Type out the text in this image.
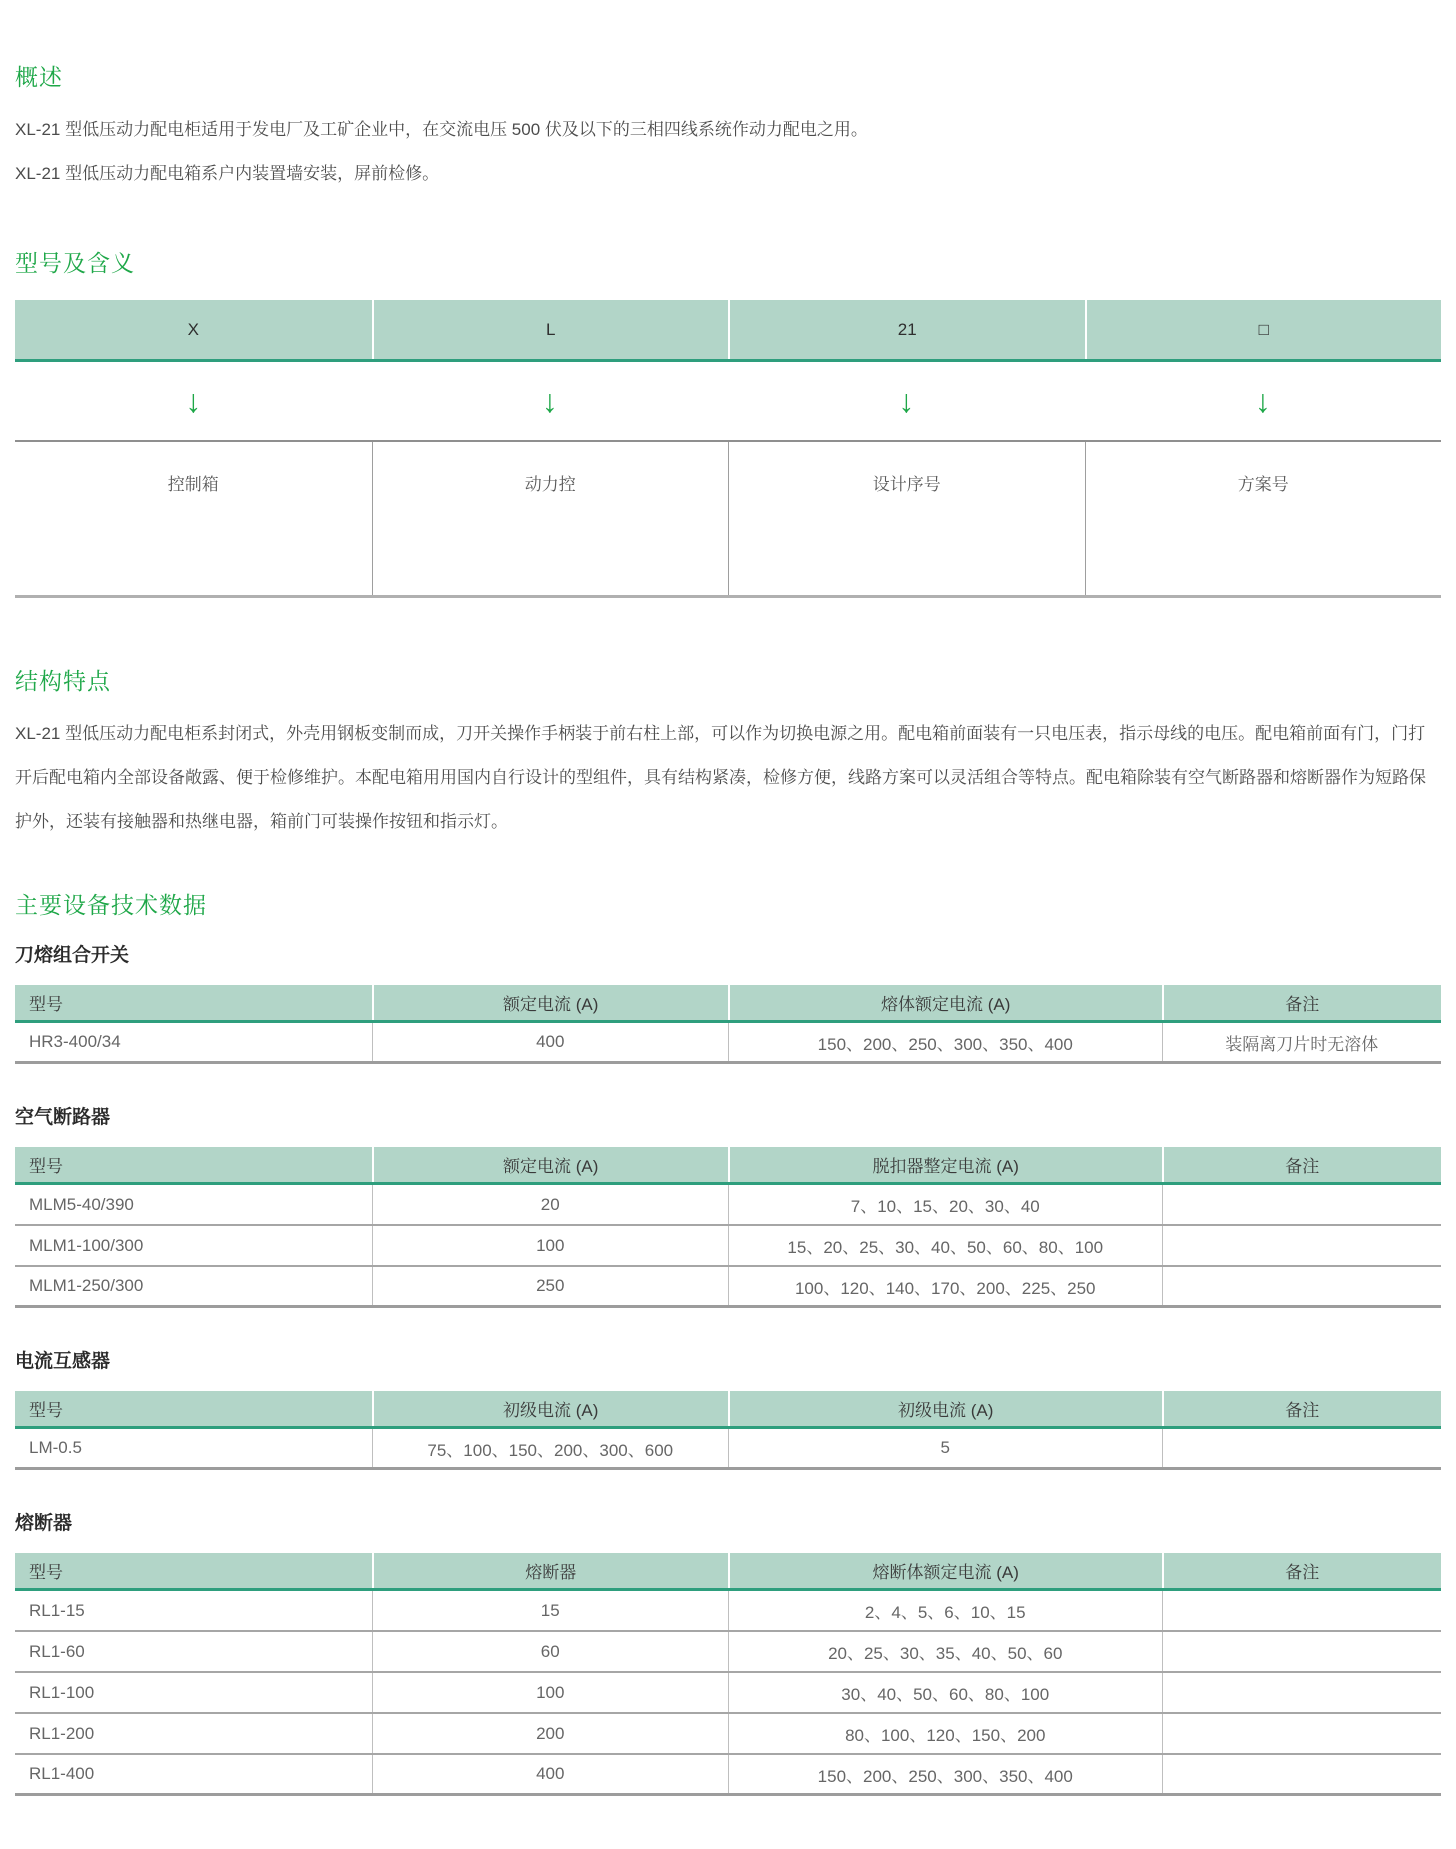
概述

XL-21 型低压动力配电柜适用于发电厂及工矿企业中，在交流电压 500 伏及以下的三相四线系统作动力配电之用。

XL-21 型低压动力配电箱系户内装置墙安装，屏前检修。

型号及含义
X	L	21	□
↓	↓	↓	↓
控制箱	动力控	设计序号	方案号
结构特点

XL-21 型低压动力配电柜系封闭式，外壳用钢板变制而成，刀开关操作手柄装于前右柱上部，可以作为切换电源之用。配电箱前面装有一只电压表，指示母线的电压。配电箱前面有门，门打开后配电箱内全部设备敞露、便于检修维护。本配电箱用用国内自行设计的型组件，具有结构紧凑，检修方便，线路方案可以灵活组合等特点。配电箱除装有空气断路器和熔断器作为短路保护外，还装有接触器和热继电器，箱前门可装操作按钮和指示灯。

主要设备技术数据
刀熔组合开关
型号	额定电流 (A)	熔体额定电流 (A)	备注
HR3-400/34	400	150、200、250、300、350、400	装隔离刀片时无溶体
空气断路器
型号	额定电流 (A)	脱扣器整定电流 (A)	备注
MLM5-40/390	20	7、10、15、20、30、40
MLM1-100/300	100	15、20、25、30、40、50、60、80、100
MLM1-250/300	250	100、120、140、170、200、225、250
电流互感器
型号	初级电流 (A)	初级电流 (A)	备注
LM-0.5	75、100、150、200、300、600	5
熔断器
型号	熔断器	熔断体额定电流 (A)	备注
RL1-15	15	2、4、5、6、10、15
RL1-60	60	20、25、30、35、40、50、60
RL1-100	100	30、40、50、60、80、100
RL1-200	200	80、100、120、150、200
RL1-400	400	150、200、250、300、350、400
